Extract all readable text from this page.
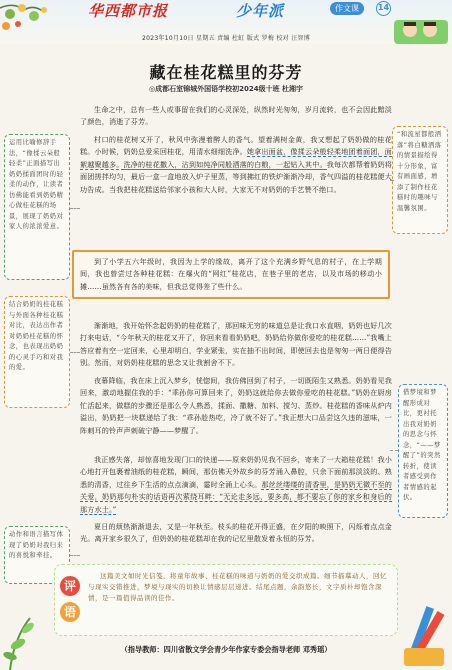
华西都市报	少年派	作文课	14
2023年10月10日 星期五 责编 杜虹 版式 罗梅 校对 汪智博
藏在桂花糕里的芬芳
◎成都石室锦城外国语学校初2024级十班 杜湘宇

生命之中，总有一些人或事留在我们的心灵深处，纵然时光匆匆，岁月流转，也不会因此黯淡了颜色，消逝了芬芳。

村口的桂花树又开了，秋风中弥漫着醉人的香气。望着满树金黄，我又想起了奶奶做的桂花糕。小时候，奶奶总爱采回桂花，用清水细细洗净。她拿出面盆，像揉云朵般轻柔地团着面团，面絮越聚越多。洗净的桂花撒入，沾到如纯净同般洒落的白粮，一起钻入其中。我每次都帮着奶奶将面团搓拌均匀，最后一盒一盒地放入炉子里蒸，等到拂红的铁炉渐渐冷却，香气四溢的桂花糕便大功告成。当我把桂花糕送给邻家小孩和大人时，大家无不对奶奶的手艺赞不绝口。

到了小学五六年级时，我因为上学的缘故，离开了这个充满乡野气息的村子，在上学期间，我也曾尝过各种桂花糕：在爆火的“网红”桂花店，在巷子里的老店，以及市场的移动小摊……虽然各有各的美味，但我总觉得差了些什么。

渐渐地，我开始怀念起奶奶的桂花糕了，那回味无穷的味道总是让我口水直咽，奶奶也好几次打来电话，“今年秋天的桂花又开了，你回来看看奶奶吧，奶奶给你做你爱吃的桂花糕……”我嘴上答应着有空一定回来，心里却明白，学业紧张，实在抽不出时间，即使回去也是匆匆一两日便得告别。然而，对奶奶桂花糕的思念又让我割舍不下。

夜幕降临，我在床上沉入梦乡，恍惚间，我仿佛回到了村子，一切既陌生又熟悉。奶奶看见我回来，激动地握住我的手：“乖孙你可算回来了，奶奶这就给你去做你爱吃的桂花糕。”奶奶在厨房忙活起来，做糕的步骤还是那么令人熟悉，揉面、撒糖、加料、搅匀、蒸炒。桂花糕的香味从炉内溢出，奶奶把一块糕递给了我：“乖孙趁热吃，冷了就不好了。”我正想大口品尝这久违的滋味，一阵刺耳的铃声声刺破宁静——梦醒了。

我正感失落，却惊喜地发现门口的快递——原来奶奶见我不回乡，寄来了一大箱桂花糕！我小心地打开包裹着油纸的桂花糕，瞬间，那仿佛天外故乡的芬芳涌入鼻腔，只余下面前那淡淡的、熟悉的清香，过往乡下生活的点点滴滴，霎时全涌上心头。那丝丝缕缕的清香里，是奶奶无微不至的关爱，奶奶那句朴实的话语再次萦绕耳畔：“无论走多远，要多高，都不要忘了你的家乡和身后的那方水土。”

夏日的烦热渐渐退去，又是一年秋至。枝头的桂花开得正盛，在夕阳的映照下，闪烁着点点金光。离开家乡很久了，但奶奶的桂花糕却在我的记忆里散发着永恒的芬芳。

运用比喻修辞手法，“像揉云朵般轻柔”正面描写出奶奶揉面团时的轻柔的动作，让读者仿佛能看到奶奶精心做桂花糕的场景，展现了奶奶对家人的浓浓爱意。
结合奶奶的桂花糕与外面各种桂花糕对比，表达出作者对奶奶桂花糕的怀念，也表现出奶奶的心灵手巧和对我的爱。
动作和语言描写体现了奶奶对我归来的喜悦和牵挂。
“和流星都般洒落”将白糖洒落的情景描绘得十分形象，富有画面感，增添了制作桂花糕时的趣味与温馨氛围。
借梦境和梦醒形成对比，更衬托出我对奶奶的思念与怀念，“——梦醒了”的突然转折，使读者感受到作者情感的起伏。
评
语

这篇美文如时光信笺，将童年故事、桂花糕的味道与奶奶的爱交织成篇。细节描摹动人，回忆与现实交错推进，梦境与现实的切换让情感层层递进。结尾点题，余韵悠长，文字质朴却饱含深情，是一篇值得品读的佳作。

（指导教师：四川省散文学会青少年作家专委会指导老师 邓秀瑶）
